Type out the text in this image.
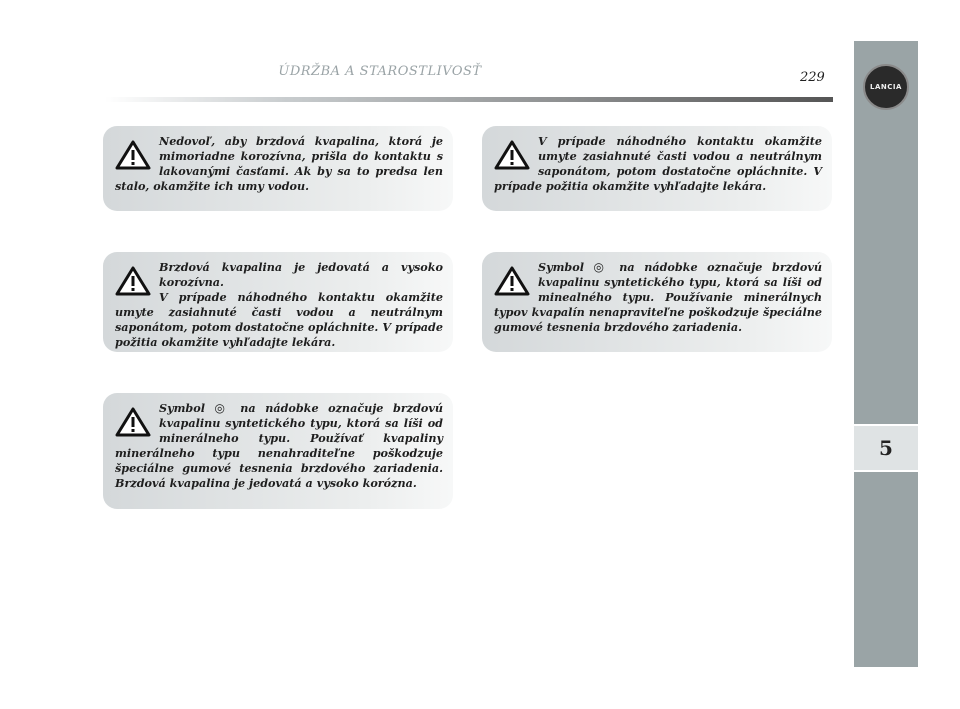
LANCIA
5
ÚDRŽBA A STAROSTLIVOSŤ	229
Nedovoľ, aby brzdová kvapalina, ktorá je mimoriadne korozívna, prišla do kontaktu s lakovanými časťami. Ak by sa to predsa len stalo, okamžite ich umy vodou.
Brzdová kvapalina je jedovatá a vysoko korozívna.
V prípade náhodného kontaktu okamžite umyte zasiahnuté časti vodou a neutrálnym saponátom, potom dostatočne opláchnite. V prípade požitia okamžite vyhľadajte lekára.
Symbol ◎ na nádobke označuje brzdovú kvapalinu syntetického typu, ktorá sa líši od minerálneho typu. Používať kvapaliny minerálneho typu nenahraditeľne poškodzuje špeciálne gumové tesnenia brzdového zariadenia. Brzdová kvapalina je jedovatá a vysoko korózna.
V prípade náhodného kontaktu okamžite umyte zasiahnuté časti vodou a neutrálnym saponátom, potom dostatočne opláchnite. V prípade požitia okamžite vyhľadajte lekára.
Symbol ◎ na nádobke označuje brzdovú kvapalinu syntetického typu, ktorá sa líši od minealného typu. Používanie minerálnych typov kvapalín nenapraviteľne poškodzuje špeciálne gumové tesnenia brzdového zariadenia.
